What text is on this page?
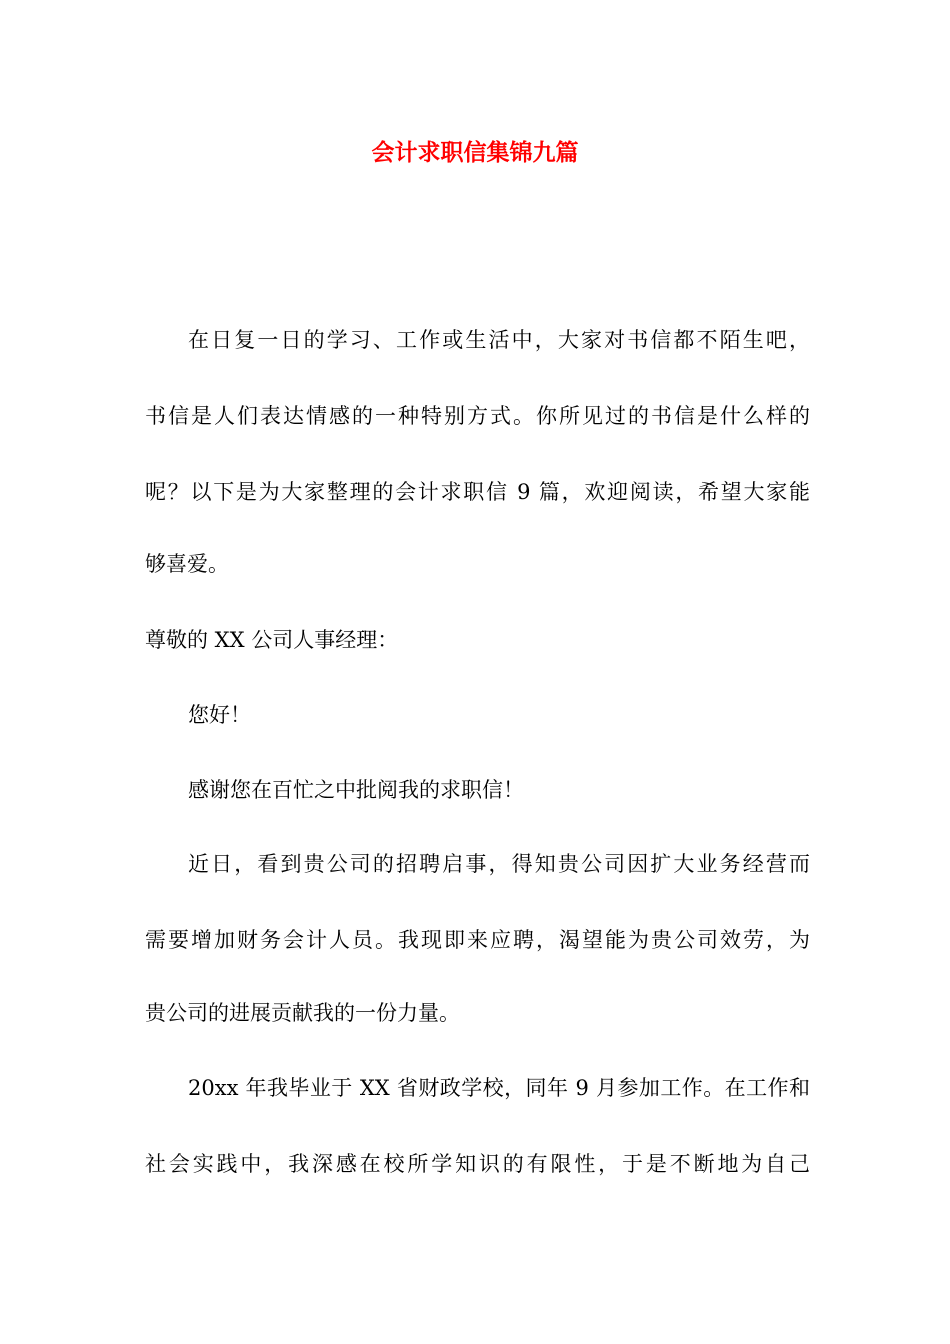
会计求职信集锦九篇
在日复一日的学习、工作或生活中，大家对书信都不陌生吧，
书信是人们表达情感的一种特别方式。你所见过的书信是什么样的
呢？以下是为大家整理的会计求职信 9 篇，欢迎阅读，希望大家能
够喜爱。
尊敬的 XX 公司人事经理：
您好！
感谢您在百忙之中批阅我的求职信！
近日，看到贵公司的招聘启事，得知贵公司因扩大业务经营而
需要增加财务会计人员。我现即来应聘，渴望能为贵公司效劳，为
贵公司的进展贡献我的一份力量。
20xx 年我毕业于 XX 省财政学校，同年 9 月参加工作。在工作和
社会实践中，我深感在校所学知识的有限性，于是不断地为自己
